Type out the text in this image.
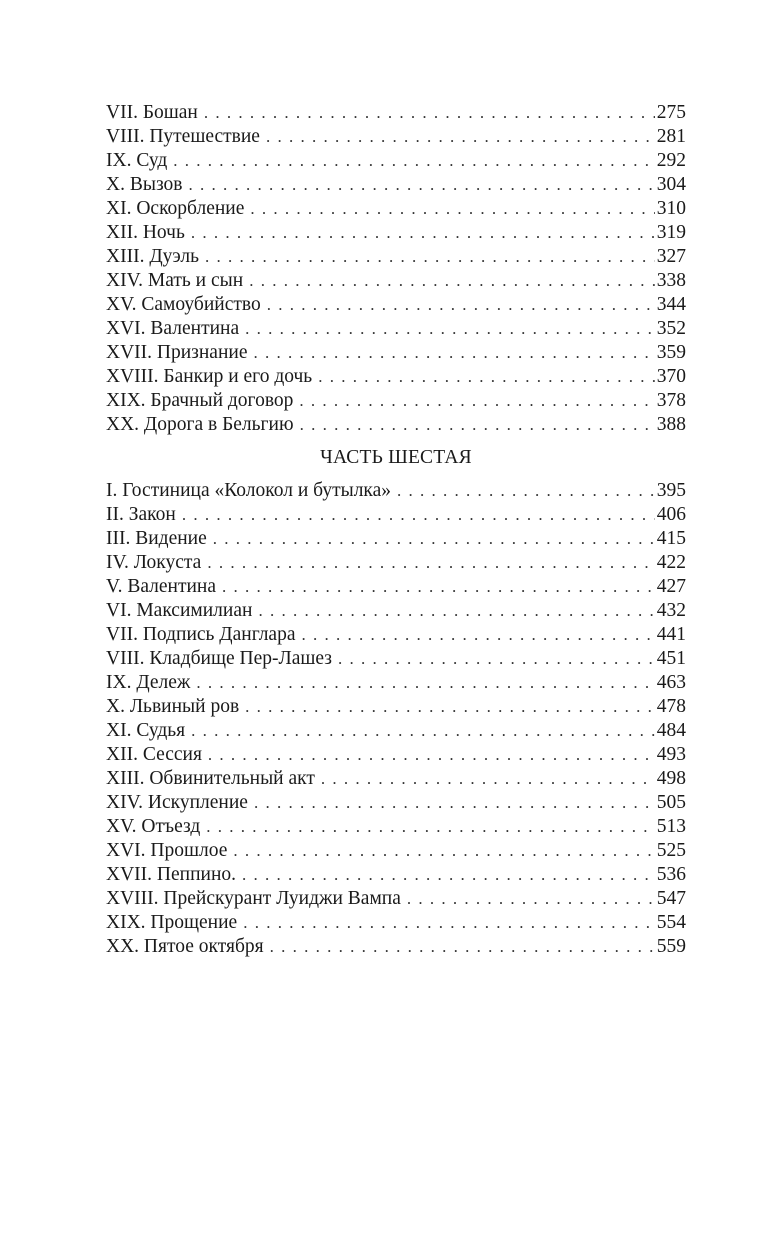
VII. Бошан . . .	275
VIII. Путешествие . . .	281
IX. Суд . . .	292
X. Вызов . . .	304
XI. Оскорбление . . .	310
XII. Ночь . . .	319
XIII. Дуэль . . .	327
XIV. Мать и сын . . .	338
XV. Самоубийство . . .	344
XVI. Валентина . . .	352
XVII. Признание . . .	359
XVIII. Банкир и его дочь . . .	370
XIX. Брачный договор . . .	378
XX. Дорога в Бельгию . . .	388
ЧАСТЬ ШЕСТАЯ
I. Гостиница «Колокол и бутылка» . . .	395
II. Закон . . .	406
III. Видение . . .	415
IV. Локуста . . .	422
V. Валентина . . .	427
VI. Максимилиан . . .	432
VII. Подпись Данглара . . .	441
VIII. Кладбище Пер-Лашез . . .	451
IX. Дележ . . .	463
X. Львиный ров . . .	478
XI. Судья . . .	484
XII. Сессия . . .	493
XIII. Обвинительный акт . . .	498
XIV. Искупление . . .	505
XV. Отъезд . . .	513
XVI. Прошлое . . .	525
XVII. Пеппино. . . .	536
XVIII. Прейскурант Луиджи Вампа . . .	547
XIX. Прощение . . .	554
XX. Пятое октября . . .	559
